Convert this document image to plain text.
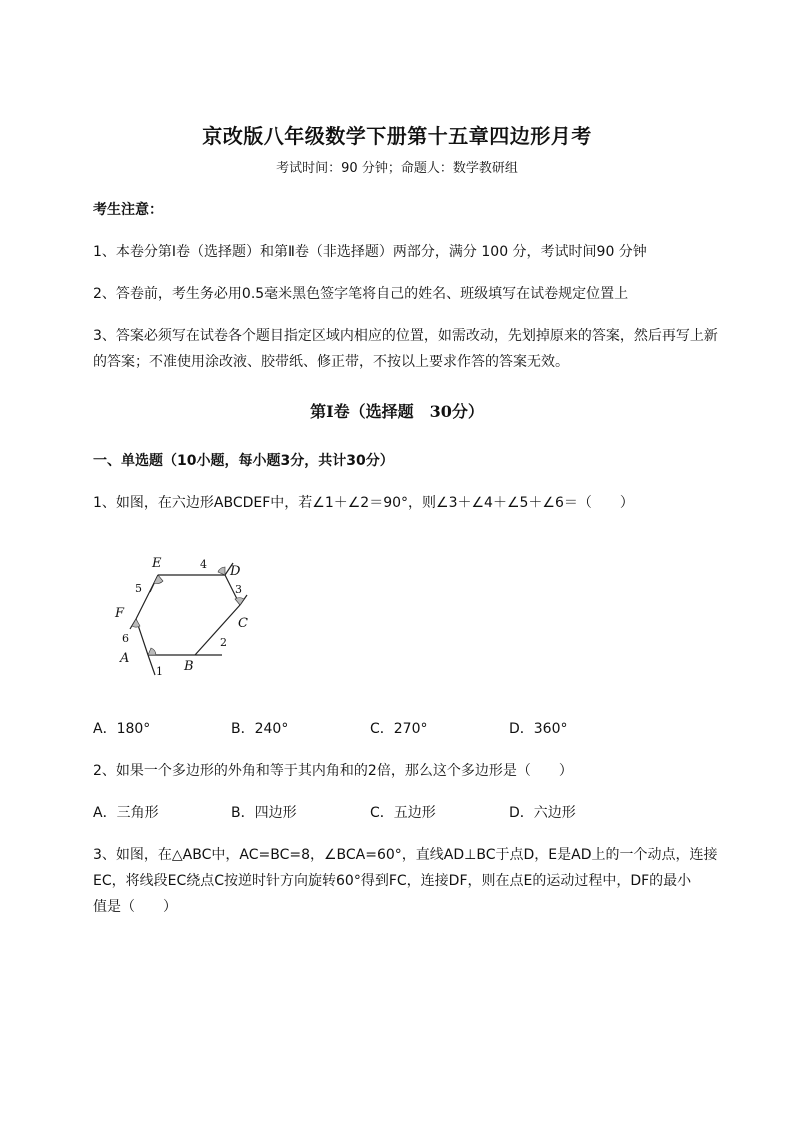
京改版八年级数学下册第十五章四边形月考
考试时间：90 分钟；命题人：数学教研组
考生注意：
1、本卷分第Ⅰ卷（选择题）和第Ⅱ卷（非选择题）两部分，满分 100 分，考试时间90 分钟
2、答卷前，考生务必用0.5毫米黑色签字笔将自己的姓名、班级填写在试卷规定位置上
3、答案必须写在试卷各个题目指定区域内相应的位置，如需改动，先划掉原来的答案，然后再写上新
的答案；不准使用涂改液、胶带纸、修正带，不按以上要求作答的答案无效。
第Ⅰ卷（选择题　30分）
一、单选题（10小题，每小题3分，共计30分）
1、如图，在六边形ABCDEF中，若∠1＋∠2＝90°，则∠3＋∠4＋∠5＋∠6＝（　　）
E
D
C
B
A
F
4
3
2
1
6
5
A．180°	B．240°	C．270°	D．360°
2、如果一个多边形的外角和等于其内角和的2倍，那么这个多边形是（　　）
A．三角形	B．四边形	C．五边形	D．六边形
3、如图，在△ABC中，AC=BC=8，∠BCA=60°，直线AD⊥BC于点D，E是AD上的一个动点，连接
EC，将线段EC绕点C按逆时针方向旋转60°得到FC，连接DF，则在点E的运动过程中，DF的最小
值是（　　）
